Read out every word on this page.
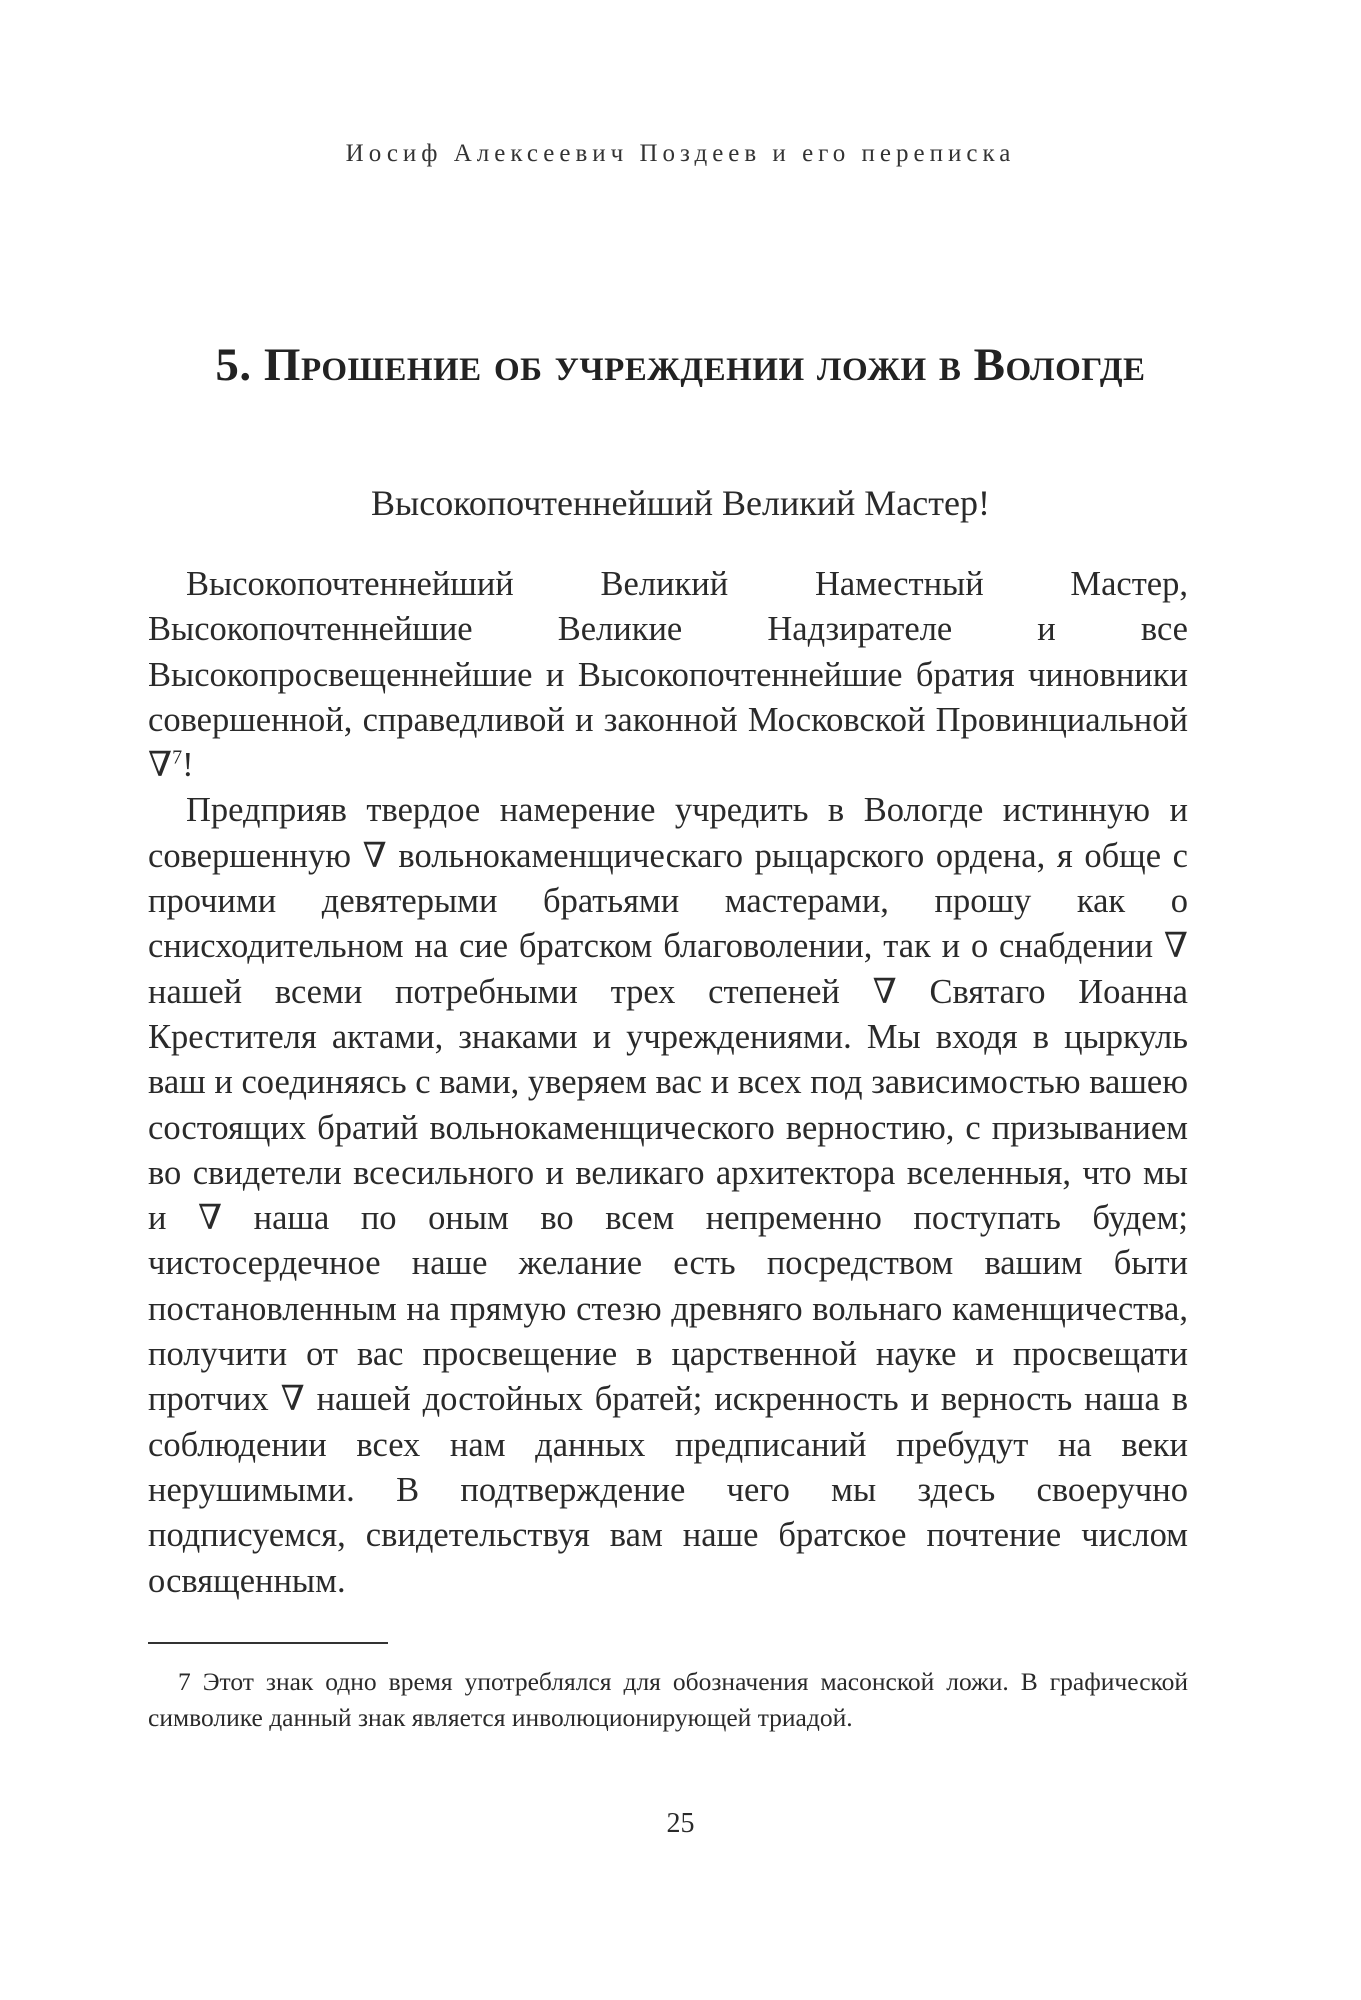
Иосиф Алексеевич Поздеев и его переписка
5. Прошение об учреждении ложи в Вологде
Высокопочтеннейший Великий Мастер!

Высокопочтеннейший Великий Наместный Мастер, Высокопочтеннейшие Великие Надзирателе и все Высокопросвещеннейшие и Высокопочтеннейшие братия чиновники совершенной, справедливой и законной Московской Провинциальной ∇$^7$!

Предприяв твердое намерение учредить в Вологде истинную и совершенную ∇ вольнокаменщическаго рыцарского ордена, я обще с прочими девятерыми братьями мастерами, прошу как о снисходительном на сие братском благоволении, так и о снабдении ∇ нашей всеми потребными трех степеней ∇ Святаго Иоанна Крестителя актами, знаками и учреждениями. Мы входя в цыркуль ваш и соединяясь с вами, уверяем вас и всех под зависимостью вашею состоящих братий вольнокаменщического верностию, с призыванием во свидетели всесильного и великаго архитектора вселенныя, что мы и ∇ наша по оным во всем непременно поступать будем; чистосердечное наше желание есть посредством вашим быти постановленным на прямую стезю древняго вольнаго каменщичества, получити от вас просвещение в царственной науке и просвещати протчих ∇ нашей достойных братей; искренность и верность наша в соблюдении всех нам данных предписаний пребудут на веки нерушимыми. В подтверждение чего мы здесь своеручно подписуемся, свидетельствуя вам наше братское почтение числом освященным.

7 Этот знак одно время употреблялся для обозначения масонской ложи. В графической символике данный знак является инволюционирующей триадой.
25
